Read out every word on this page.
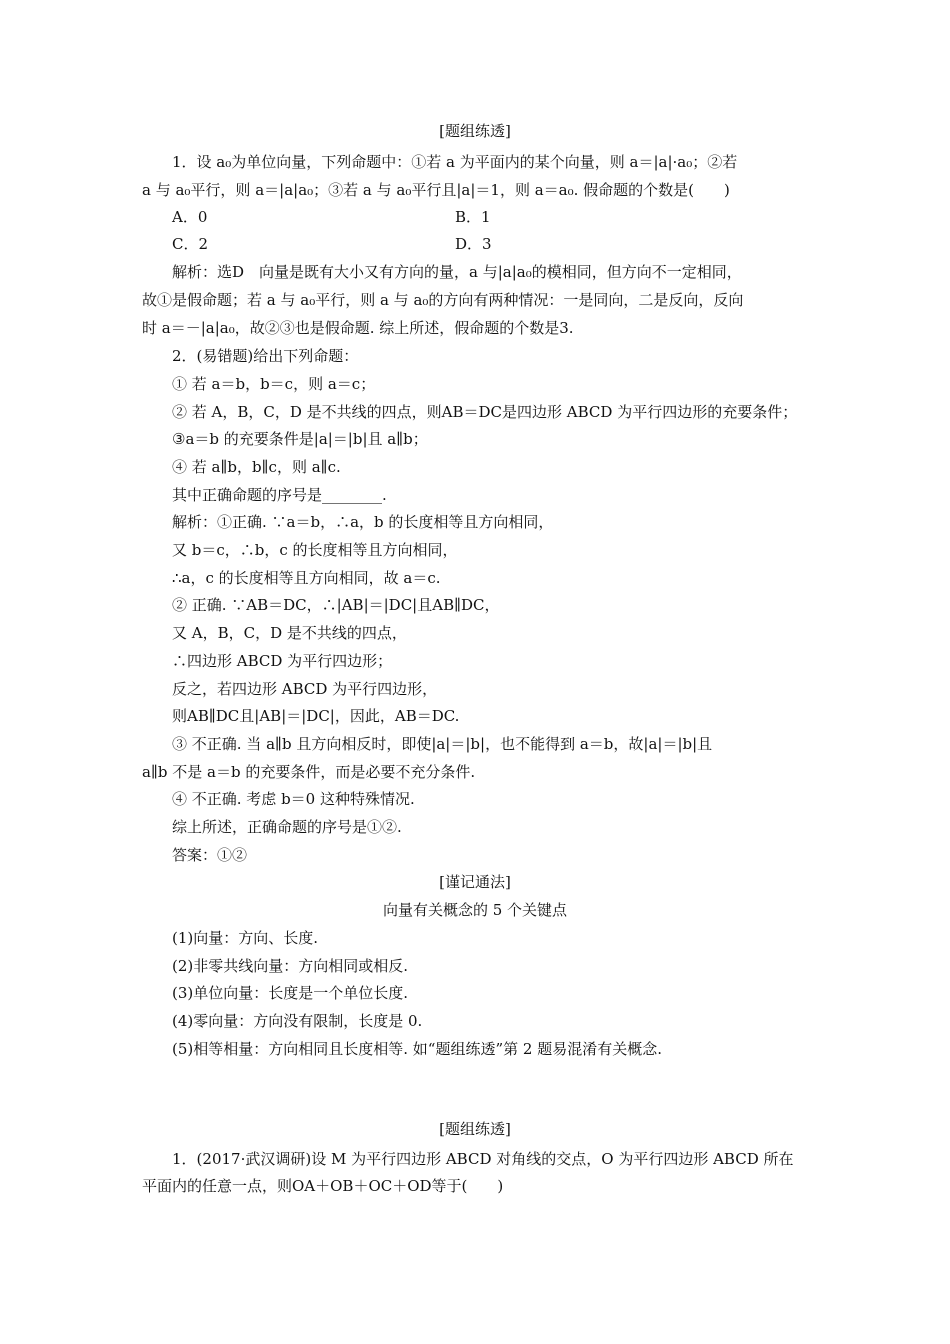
[题组练透]
1．设 a₀为单位向量，下列命题中：①若 a 为平面内的某个向量，则 a＝|a|·a₀；②若
a 与 a₀平行，则 a＝|a|a₀；③若 a 与 a₀平行且|a|＝1，则 a＝a₀. 假命题的个数是(　　)
A．0	B．1
C．2	D．3
解析：选D　向量是既有大小又有方向的量，a 与|a|a₀的模相同，但方向不一定相同，
故①是假命题；若 a 与 a₀平行，则 a 与 a₀的方向有两种情况：一是同向，二是反向，反向
时 a＝－|a|a₀，故②③也是假命题. 综上所述，假命题的个数是3.
2．(易错题)给出下列命题：
① 若 a＝b，b＝c，则 a＝c；
② 若 A，B，C，D 是不共线的四点，则AB＝DC是四边形 ABCD 为平行四边形的充要条件；
③a＝b 的充要条件是|a|＝|b|且 a∥b；
④ 若 a∥b，b∥c，则 a∥c.
其中正确命题的序号是________.
解析：①正确. ∵a＝b，∴a，b 的长度相等且方向相同，
又 b＝c，∴b，c 的长度相等且方向相同，
∴a，c 的长度相等且方向相同，故 a＝c.
② 正确. ∵AB＝DC，∴|AB|＝|DC|且AB∥DC，
又 A，B，C，D 是不共线的四点，
∴四边形 ABCD 为平行四边形；
反之，若四边形 ABCD 为平行四边形，
则AB∥DC且|AB|＝|DC|，因此，AB＝DC.
③ 不正确. 当 a∥b 且方向相反时，即使|a|＝|b|，也不能得到 a＝b，故|a|＝|b|且
a∥b 不是 a＝b 的充要条件，而是必要不充分条件.
④ 不正确. 考虑 b＝0 这种特殊情况.
综上所述，正确命题的序号是①②.
答案：①②
[谨记通法]
向量有关概念的 5 个关键点
(1)向量：方向、长度.
(2)非零共线向量：方向相同或相反.
(3)单位向量：长度是一个单位长度.
(4)零向量：方向没有限制，长度是 0.
(5)相等相量：方向相同且长度相等. 如“题组练透”第 2 题易混淆有关概念.
[题组练透]
1．(2017·武汉调研)设 M 为平行四边形 ABCD 对角线的交点，O 为平行四边形 ABCD 所在
平面内的任意一点，则OA＋OB＋OC＋OD等于(　　)
